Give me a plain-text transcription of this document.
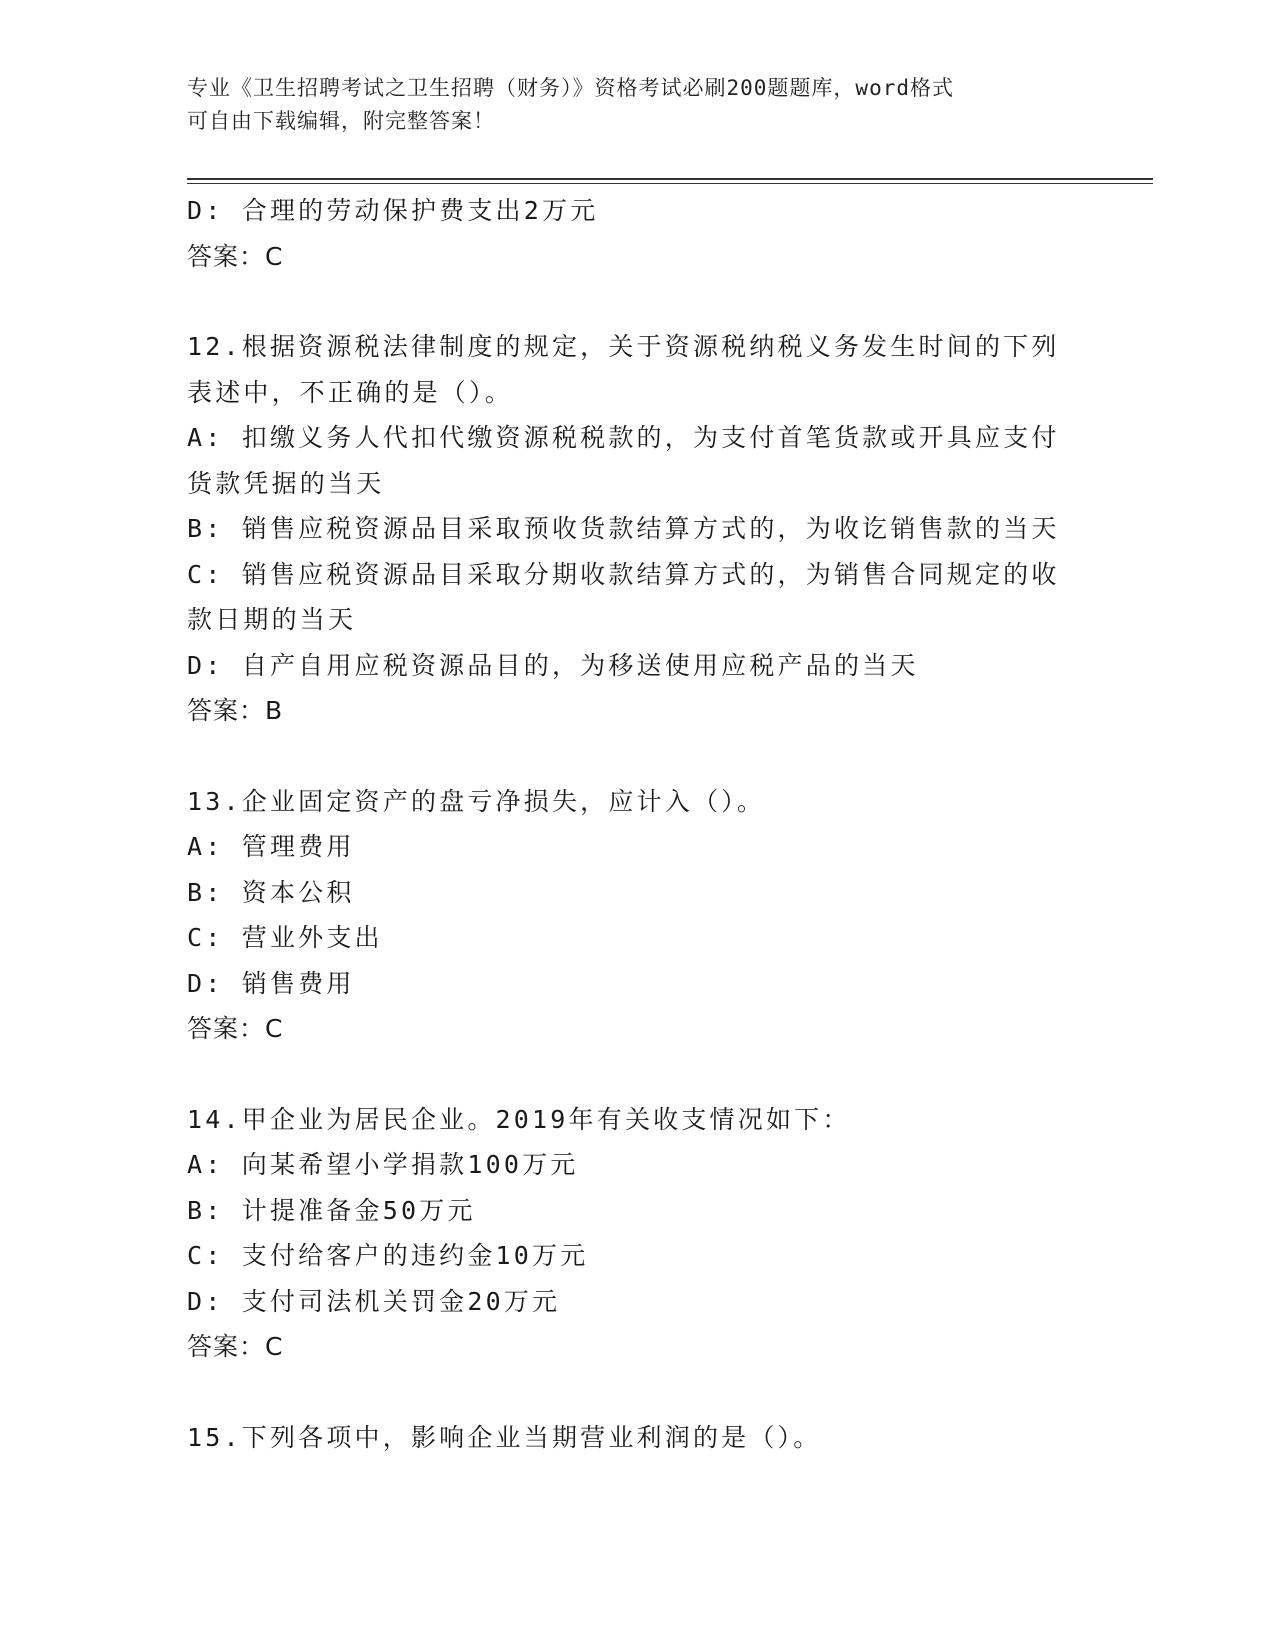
专业《卫生招聘考试之卫生招聘（财务）》资格考试必刷200题题库，word格式
可自由下载编辑，附完整答案！
D: 合理的劳动保护费支出2万元
答案：C
12.根据资源税法律制度的规定，关于资源税纳税义务发生时间的下列
表述中，不正确的是（）。
A: 扣缴义务人代扣代缴资源税税款的，为支付首笔货款或开具应支付
货款凭据的当天
B: 销售应税资源品目采取预收货款结算方式的，为收讫销售款的当天
C: 销售应税资源品目采取分期收款结算方式的，为销售合同规定的收
款日期的当天
D: 自产自用应税资源品目的，为移送使用应税产品的当天
答案：B
13.企业固定资产的盘亏净损失，应计入（）。
A: 管理费用
B: 资本公积
C: 营业外支出
D: 销售费用
答案：C
14.甲企业为居民企业。2019年有关收支情况如下：
A: 向某希望小学捐款100万元
B: 计提准备金50万元
C: 支付给客户的违约金10万元
D: 支付司法机关罚金20万元
答案：C
15.下列各项中，影响企业当期营业利润的是（）。
